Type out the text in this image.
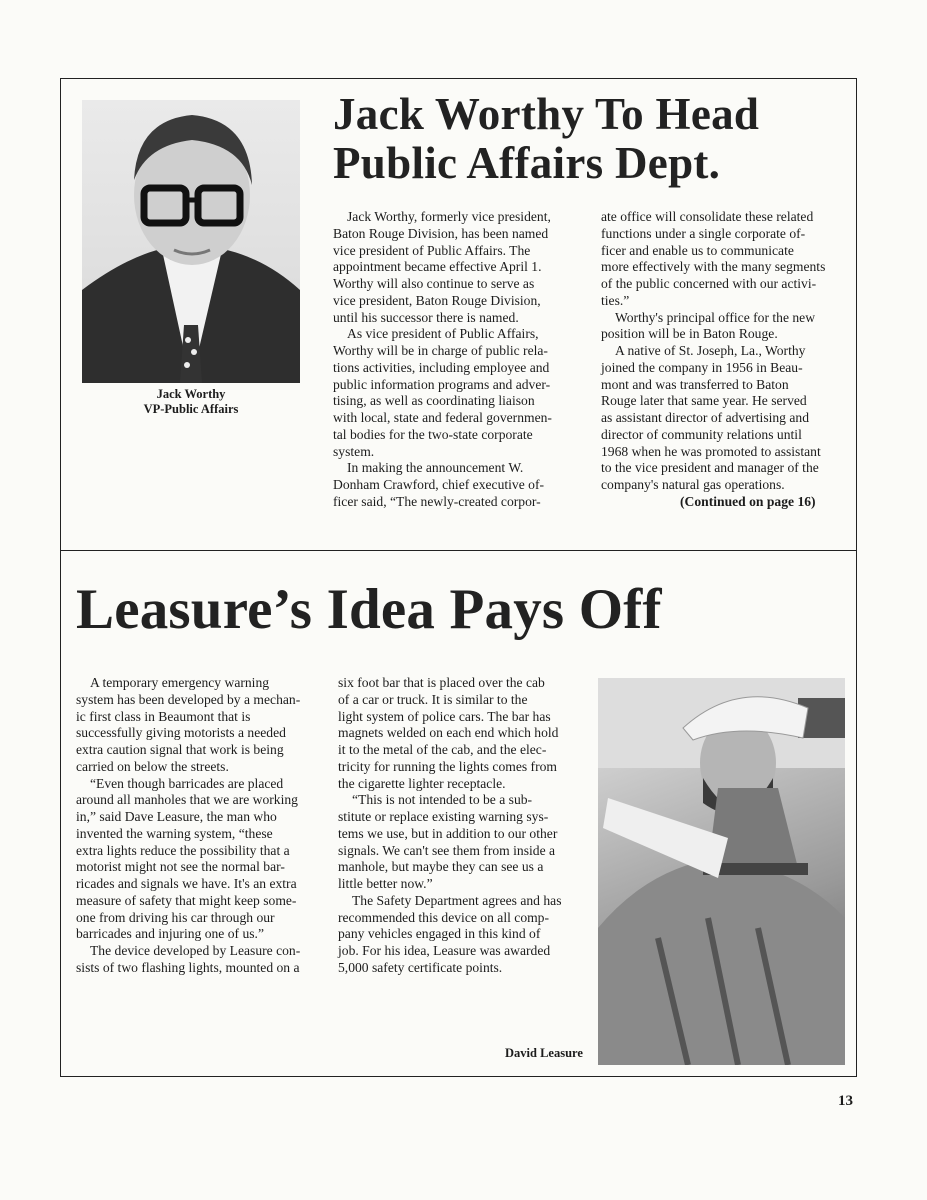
Jack Worthy
VP-Public Affairs
Jack Worthy To Head
Public Affairs Dept.
Jack Worthy, formerly vice president,
Baton Rouge Division, has been named
vice president of Public Affairs. The
appointment became effective April 1.
Worthy will also continue to serve as
vice president, Baton Rouge Division,
until his successor there is named.
As vice president of Public Affairs,
Worthy will be in charge of public rela-
tions activities, including employee and
public information programs and adver-
tising, as well as coordinating liaison
with local, state and federal governmen-
tal bodies for the two-state corporate
system.
In making the announcement W.
Donham Crawford, chief executive of-
ficer said, “The newly-created corpor-
ate office will consolidate these related
functions under a single corporate of-
ficer and enable us to communicate
more effectively with the many segments
of the public concerned with our activi-
ties.”
Worthy's principal office for the new
position will be in Baton Rouge.
A native of St. Joseph, La., Worthy
joined the company in 1956 in Beau-
mont and was transferred to Baton
Rouge later that same year. He served
as assistant director of advertising and
director of community relations until
1968 when he was promoted to assistant
to the vice president and manager of the
company's natural gas operations.
(Continued on page 16)
Leasure’s Idea Pays Off
A temporary emergency warning
system has been developed by a mechan-
ic first class in Beaumont that is
successfully giving motorists a needed
extra caution signal that work is being
carried on below the streets.
“Even though barricades are placed
around all manholes that we are working
in,” said Dave Leasure, the man who
invented the warning system, “these
extra lights reduce the possibility that a
motorist might not see the normal bar-
ricades and signals we have. It's an extra
measure of safety that might keep some-
one from driving his car through our
barricades and injuring one of us.”
The device developed by Leasure con-
sists of two flashing lights, mounted on a
six foot bar that is placed over the cab
of a car or truck. It is similar to the
light system of police cars. The bar has
magnets welded on each end which hold
it to the metal of the cab, and the elec-
tricity for running the lights comes from
the cigarette lighter receptacle.
“This is not intended to be a sub-
stitute or replace existing warning sys-
tems we use, but in addition to our other
signals. We can't see them from inside a
manhole, but maybe they can see us a
little better now.”
The Safety Department agrees and has
recommended this device on all comp-
pany vehicles engaged in this kind of
job. For his idea, Leasure was awarded
5,000 safety certificate points.
David Leasure
13
